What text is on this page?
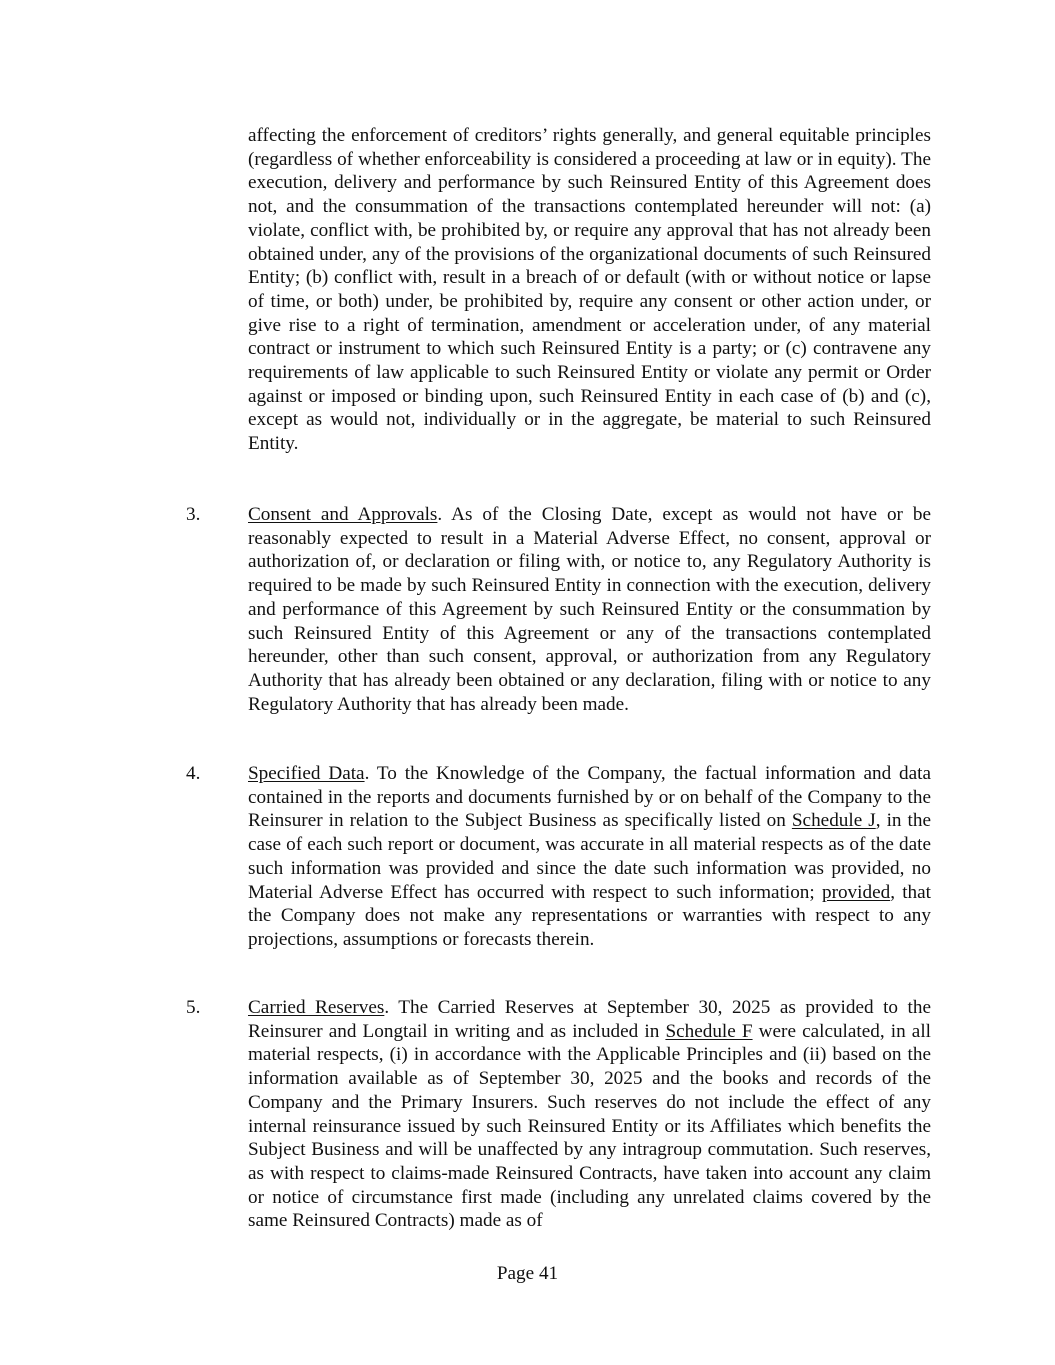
affecting the enforcement of creditors’ rights generally, and general equitable principles (regardless of whether enforceability is considered a proceeding at law or in equity). The execution, delivery and performance by such Reinsured Entity of this Agreement does not, and the consummation of the transactions contemplated hereunder will not: (a) violate, conflict with, be prohibited by, or require any approval that has not already been obtained under, any of the provisions of the organizational documents of such Reinsured Entity; (b) conflict with, result in a breach of or default (with or without notice or lapse of time, or both) under, be prohibited by, require any consent or other action under, or give rise to a right of termination, amendment or acceleration under, of any material contract or instrument to which such Reinsured Entity is a party; or (c) contravene any requirements of law applicable to such Reinsured Entity or violate any permit or Order against or imposed or binding upon, such Reinsured Entity in each case of (b) and (c), except as would not, individually or in the aggregate, be material to such Reinsured Entity.

3. Consent and Approvals. As of the Closing Date, except as would not have or be reasonably expected to result in a Material Adverse Effect, no consent, approval or authorization of, or declaration or filing with, or notice to, any Regulatory Authority is required to be made by such Reinsured Entity in connection with the execution, delivery and performance of this Agreement by such Reinsured Entity or the consummation by such Reinsured Entity of this Agreement or any of the transactions contemplated hereunder, other than such consent, approval, or authorization from any Regulatory Authority that has already been obtained or any declaration, filing with or notice to any Regulatory Authority that has already been made.

4. Specified Data. To the Knowledge of the Company, the factual information and data contained in the reports and documents furnished by or on behalf of the Company to the Reinsurer in relation to the Subject Business as specifically listed on Schedule J, in the case of each such report or document, was accurate in all material respects as of the date such information was provided and since the date such information was provided, no Material Adverse Effect has occurred with respect to such information; provided, that the Company does not make any representations or warranties with respect to any projections, assumptions or forecasts therein.

5. Carried Reserves. The Carried Reserves at September 30, 2025 as provided to the Reinsurer and Longtail in writing and as included in Schedule F were calculated, in all material respects, (i) in accordance with the Applicable Principles and (ii) based on the information available as of September 30, 2025 and the books and records of the Company and the Primary Insurers. Such reserves do not include the effect of any internal reinsurance issued by such Reinsured Entity or its Affiliates which benefits the Subject Business and will be unaffected by any intragroup commutation. Such reserves, as with respect to claims-made Reinsured Contracts, have taken into account any claim or notice of circumstance first made (including any unrelated claims covered by the same Reinsured Contracts) made as of

Page 41
